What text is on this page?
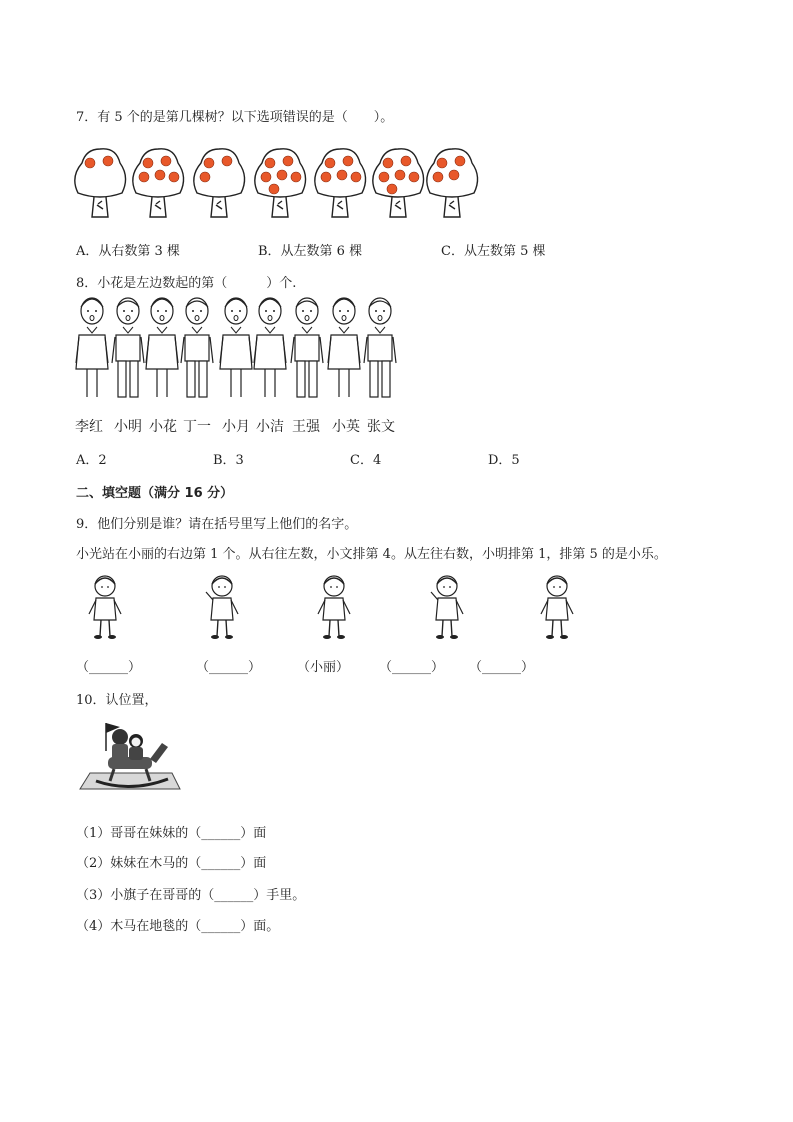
7．有 5 个的是第几棵树？以下选项错误的是（　　）。
A．从右数第 3 棵	B．从左数第 6 棵	C．从左数第 5 棵
8．小花是左边数起的第（　　　）个.
李红 小明 小花 丁一 小月 小洁 王强 小英 张文
A．2	B．3	C．4	D．5
二、填空题（满分 16 分）
9．他们分别是谁？请在括号里写上他们的名字。
小光站在小丽的右边第 1 个。从右往左数，小文排第 4。从左往右数，小明排第 1，排第 5 的是小乐。
（______）	（______）	（小丽） （______） （______）
10．认位置，
（1）哥哥在妹妹的（______）面
（2）妹妹在木马的（______）面
（3）小旗子在哥哥的（______）手里。
（4）木马在地毯的（______）面。
